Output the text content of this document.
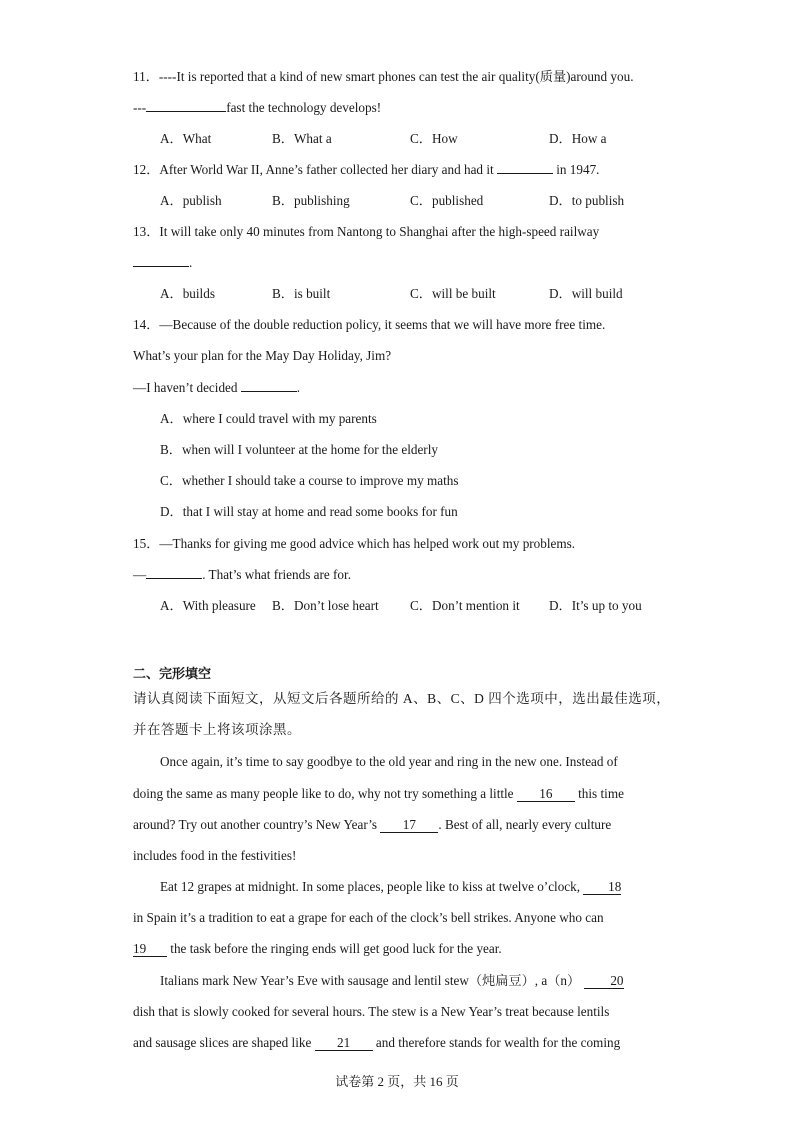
11．----It is reported that a kind of new smart phones can test the air quality(质量)around you.
---	fast the technology develops!
A．What	B．What a	C．How	D．How a
12．After World War II, Anne’s father collected her diary and had it	in 1947.
A．publish	B．publishing	C．published	D．to publish
13．It will take only 40 minutes from Nantong to Shanghai after the high-speed railway
.
A．builds	B．is built	C．will be built	D．will build
14．—Because of the double reduction policy, it seems that we will have more free time.
What’s your plan for the May Day Holiday, Jim?
—I haven’t decided	.
A．where I could travel with my parents
B．when will I volunteer at the home for the elderly
C．whether I should take a course to improve my maths
D．that I will stay at home and read some books for fun
15．—Thanks for giving me good advice which has helped work out my problems.
—	. That’s what friends are for.
A．With pleasure B．Don’t lose heart C．Don’t mention it D．It’s up to you
二、完形填空
请认真阅读下面短文，从短文后各题所给的 A、B、C、D 四个选项中，选出最佳选项，
并在答题卡上将该项涂黑。
Once again, it’s time to say goodbye to the old year and ring in the new one. Instead of
doing the same as many people like to do, why not try something a little 16 this time
around? Try out another country’s New Year’s 17 . Best of all, nearly every culture
includes food in the festivities!
Eat 12 grapes at midnight. In some places, people like to kiss at twelve o’clock, 18
in Spain it’s a tradition to eat a grape for each of the clock’s bell strikes. Anyone who can
19 the task before the ringing ends will get good luck for the year.
Italians mark New Year’s Eve with sausage and lentil stew（炖扁豆）, a（n） 20
dish that is slowly cooked for several hours. The stew is a New Year’s treat because lentils
and sausage slices are shaped like 21 and therefore stands for wealth for the coming
试卷第 2 页，共 16 页
